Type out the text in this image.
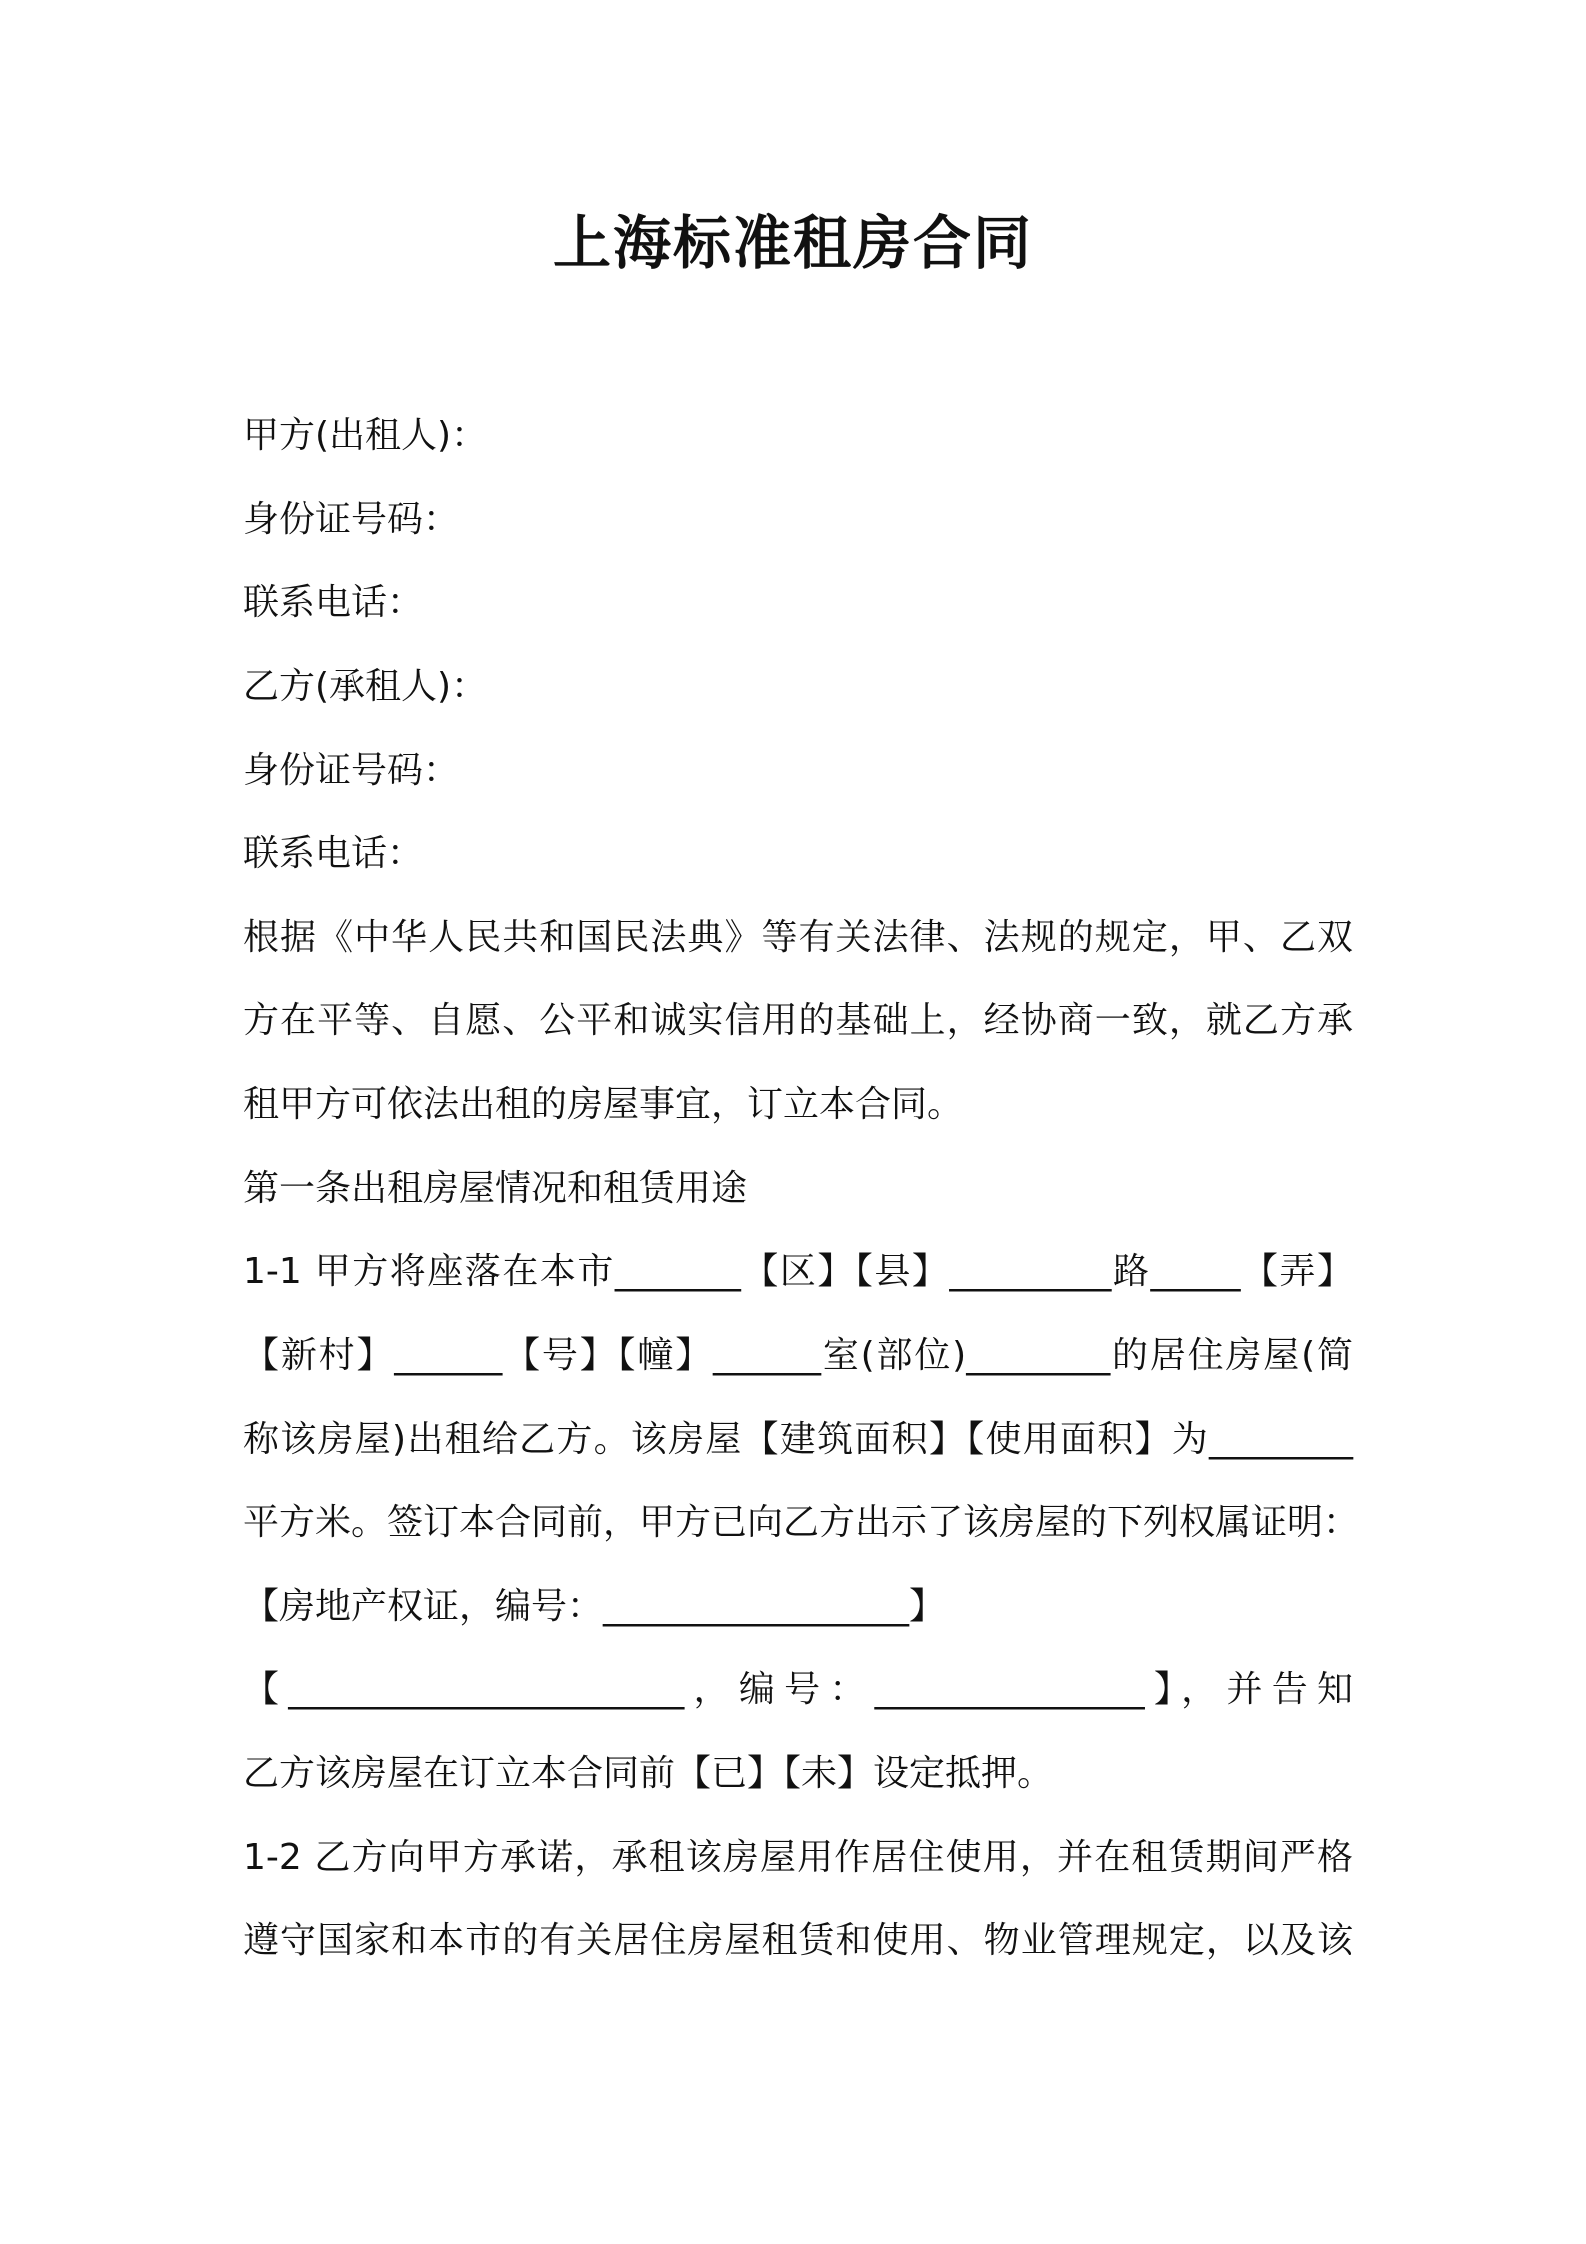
上海标准租房合同
甲方(出租人)：
身份证号码：
联系电话：
乙方(承租人)：
身份证号码：
联系电话：
根据《中华人民共和国民法典》等有关法律、法规的规定，甲、乙双
方在平等、自愿、公平和诚实信用的基础上，经协商一致，就乙方承
租甲方可依法出租的房屋事宜，订立本合同。
第一条出租房屋情况和租赁用途
1-1 甲方将座落在本市_______【区】【县】_________路_____【弄】
【新村】______【号】【幢】______室(部位)________的居住房屋(简
称该房屋)出租给乙方。该房屋【建筑面积】【使用面积】为________
平方米。签订本合同前，甲方已向乙方出示了该房屋的下列权属证明：
【房地产权证，编号：_________________】
【______________________，编号：_______________】，并告知
乙方该房屋在订立本合同前【已】【未】设定抵押。
1-2 乙方向甲方承诺，承租该房屋用作居住使用，并在租赁期间严格
遵守国家和本市的有关居住房屋租赁和使用、物业管理规定，以及该
